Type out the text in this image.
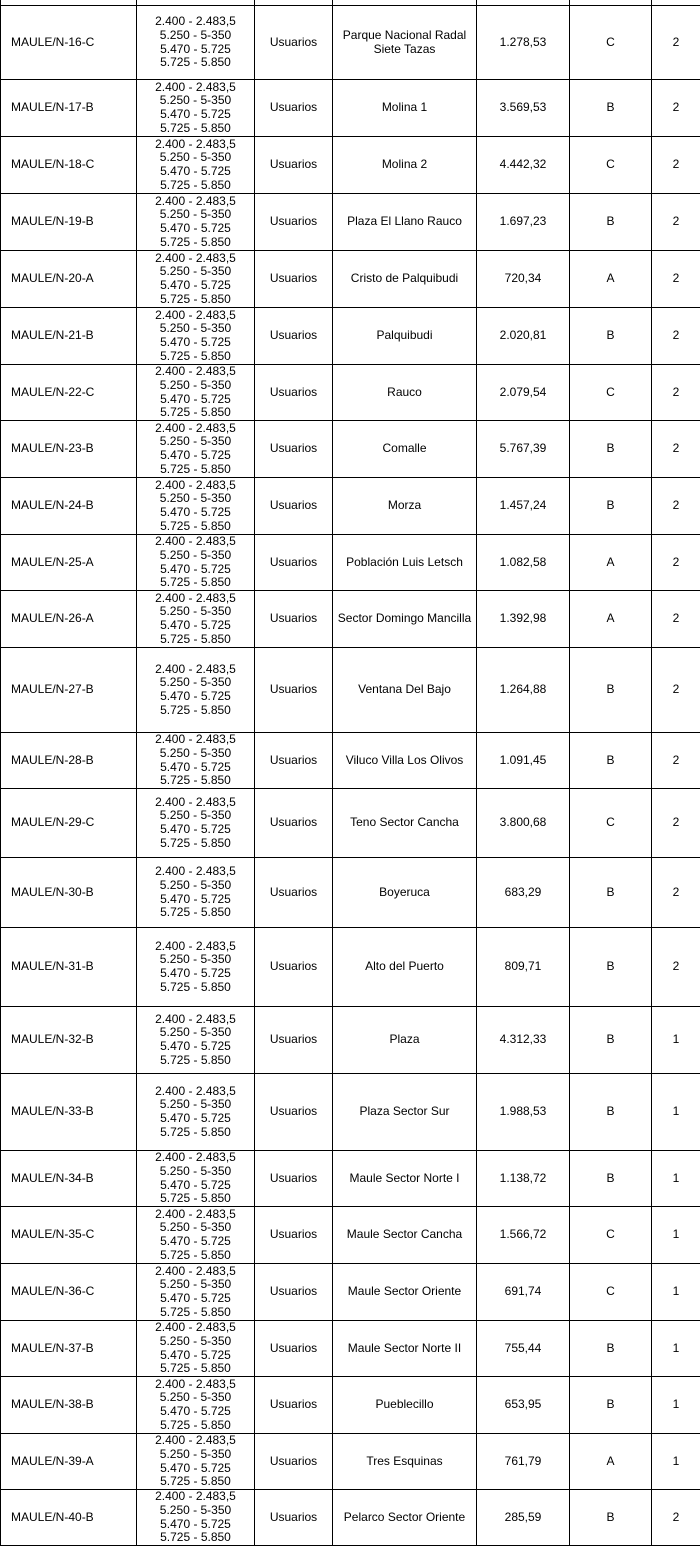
MAULE/N-16-C	2.400 - 2.483,5
5.250 - 5-350
5.470 - 5.725
5.725 - 5.850	Usuarios	Parque Nacional Radal Siete Tazas	1.278,53	C	2
MAULE/N-17-B	2.400 - 2.483,5
5.250 - 5-350
5.470 - 5.725
5.725 - 5.850	Usuarios	Molina 1	3.569,53	B	2
MAULE/N-18-C	2.400 - 2.483,5
5.250 - 5-350
5.470 - 5.725
5.725 - 5.850	Usuarios	Molina 2	4.442,32	C	2
MAULE/N-19-B	2.400 - 2.483,5
5.250 - 5-350
5.470 - 5.725
5.725 - 5.850	Usuarios	Plaza El Llano Rauco	1.697,23	B	2
MAULE/N-20-A	2.400 - 2.483,5
5.250 - 5-350
5.470 - 5.725
5.725 - 5.850	Usuarios	Cristo de Palquibudi	720,34	A	2
MAULE/N-21-B	2.400 - 2.483,5
5.250 - 5-350
5.470 - 5.725
5.725 - 5.850	Usuarios	Palquibudi	2.020,81	B	2
MAULE/N-22-C	2.400 - 2.483,5
5.250 - 5-350
5.470 - 5.725
5.725 - 5.850	Usuarios	Rauco	2.079,54	C	2
MAULE/N-23-B	2.400 - 2.483,5
5.250 - 5-350
5.470 - 5.725
5.725 - 5.850	Usuarios	Comalle	5.767,39	B	2
MAULE/N-24-B	2.400 - 2.483,5
5.250 - 5-350
5.470 - 5.725
5.725 - 5.850	Usuarios	Morza	1.457,24	B	2
MAULE/N-25-A	2.400 - 2.483,5
5.250 - 5-350
5.470 - 5.725
5.725 - 5.850	Usuarios	Población Luis Letsch	1.082,58	A	2
MAULE/N-26-A	2.400 - 2.483,5
5.250 - 5-350
5.470 - 5.725
5.725 - 5.850	Usuarios	Sector Domingo Mancilla	1.392,98	A	2
MAULE/N-27-B	2.400 - 2.483,5
5.250 - 5-350
5.470 - 5.725
5.725 - 5.850	Usuarios	Ventana Del Bajo	1.264,88	B	2
MAULE/N-28-B	2.400 - 2.483,5
5.250 - 5-350
5.470 - 5.725
5.725 - 5.850	Usuarios	Viluco Villa Los Olivos	1.091,45	B	2
MAULE/N-29-C	2.400 - 2.483,5
5.250 - 5-350
5.470 - 5.725
5.725 - 5.850	Usuarios	Teno Sector Cancha	3.800,68	C	2
MAULE/N-30-B	2.400 - 2.483,5
5.250 - 5-350
5.470 - 5.725
5.725 - 5.850	Usuarios	Boyeruca	683,29	B	2
MAULE/N-31-B	2.400 - 2.483,5
5.250 - 5-350
5.470 - 5.725
5.725 - 5.850	Usuarios	Alto del Puerto	809,71	B	2
MAULE/N-32-B	2.400 - 2.483,5
5.250 - 5-350
5.470 - 5.725
5.725 - 5.850	Usuarios	Plaza	4.312,33	B	1
MAULE/N-33-B	2.400 - 2.483,5
5.250 - 5-350
5.470 - 5.725
5.725 - 5.850	Usuarios	Plaza Sector Sur	1.988,53	B	1
MAULE/N-34-B	2.400 - 2.483,5
5.250 - 5-350
5.470 - 5.725
5.725 - 5.850	Usuarios	Maule Sector Norte I	1.138,72	B	1
MAULE/N-35-C	2.400 - 2.483,5
5.250 - 5-350
5.470 - 5.725
5.725 - 5.850	Usuarios	Maule Sector Cancha	1.566,72	C	1
MAULE/N-36-C	2.400 - 2.483,5
5.250 - 5-350
5.470 - 5.725
5.725 - 5.850	Usuarios	Maule Sector Oriente	691,74	C	1
MAULE/N-37-B	2.400 - 2.483,5
5.250 - 5-350
5.470 - 5.725
5.725 - 5.850	Usuarios	Maule Sector Norte II	755,44	B	1
MAULE/N-38-B	2.400 - 2.483,5
5.250 - 5-350
5.470 - 5.725
5.725 - 5.850	Usuarios	Pueblecillo	653,95	B	1
MAULE/N-39-A	2.400 - 2.483,5
5.250 - 5-350
5.470 - 5.725
5.725 - 5.850	Usuarios	Tres Esquinas	761,79	A	1
MAULE/N-40-B	2.400 - 2.483,5
5.250 - 5-350
5.470 - 5.725
5.725 - 5.850	Usuarios	Pelarco Sector Oriente	285,59	B	2
